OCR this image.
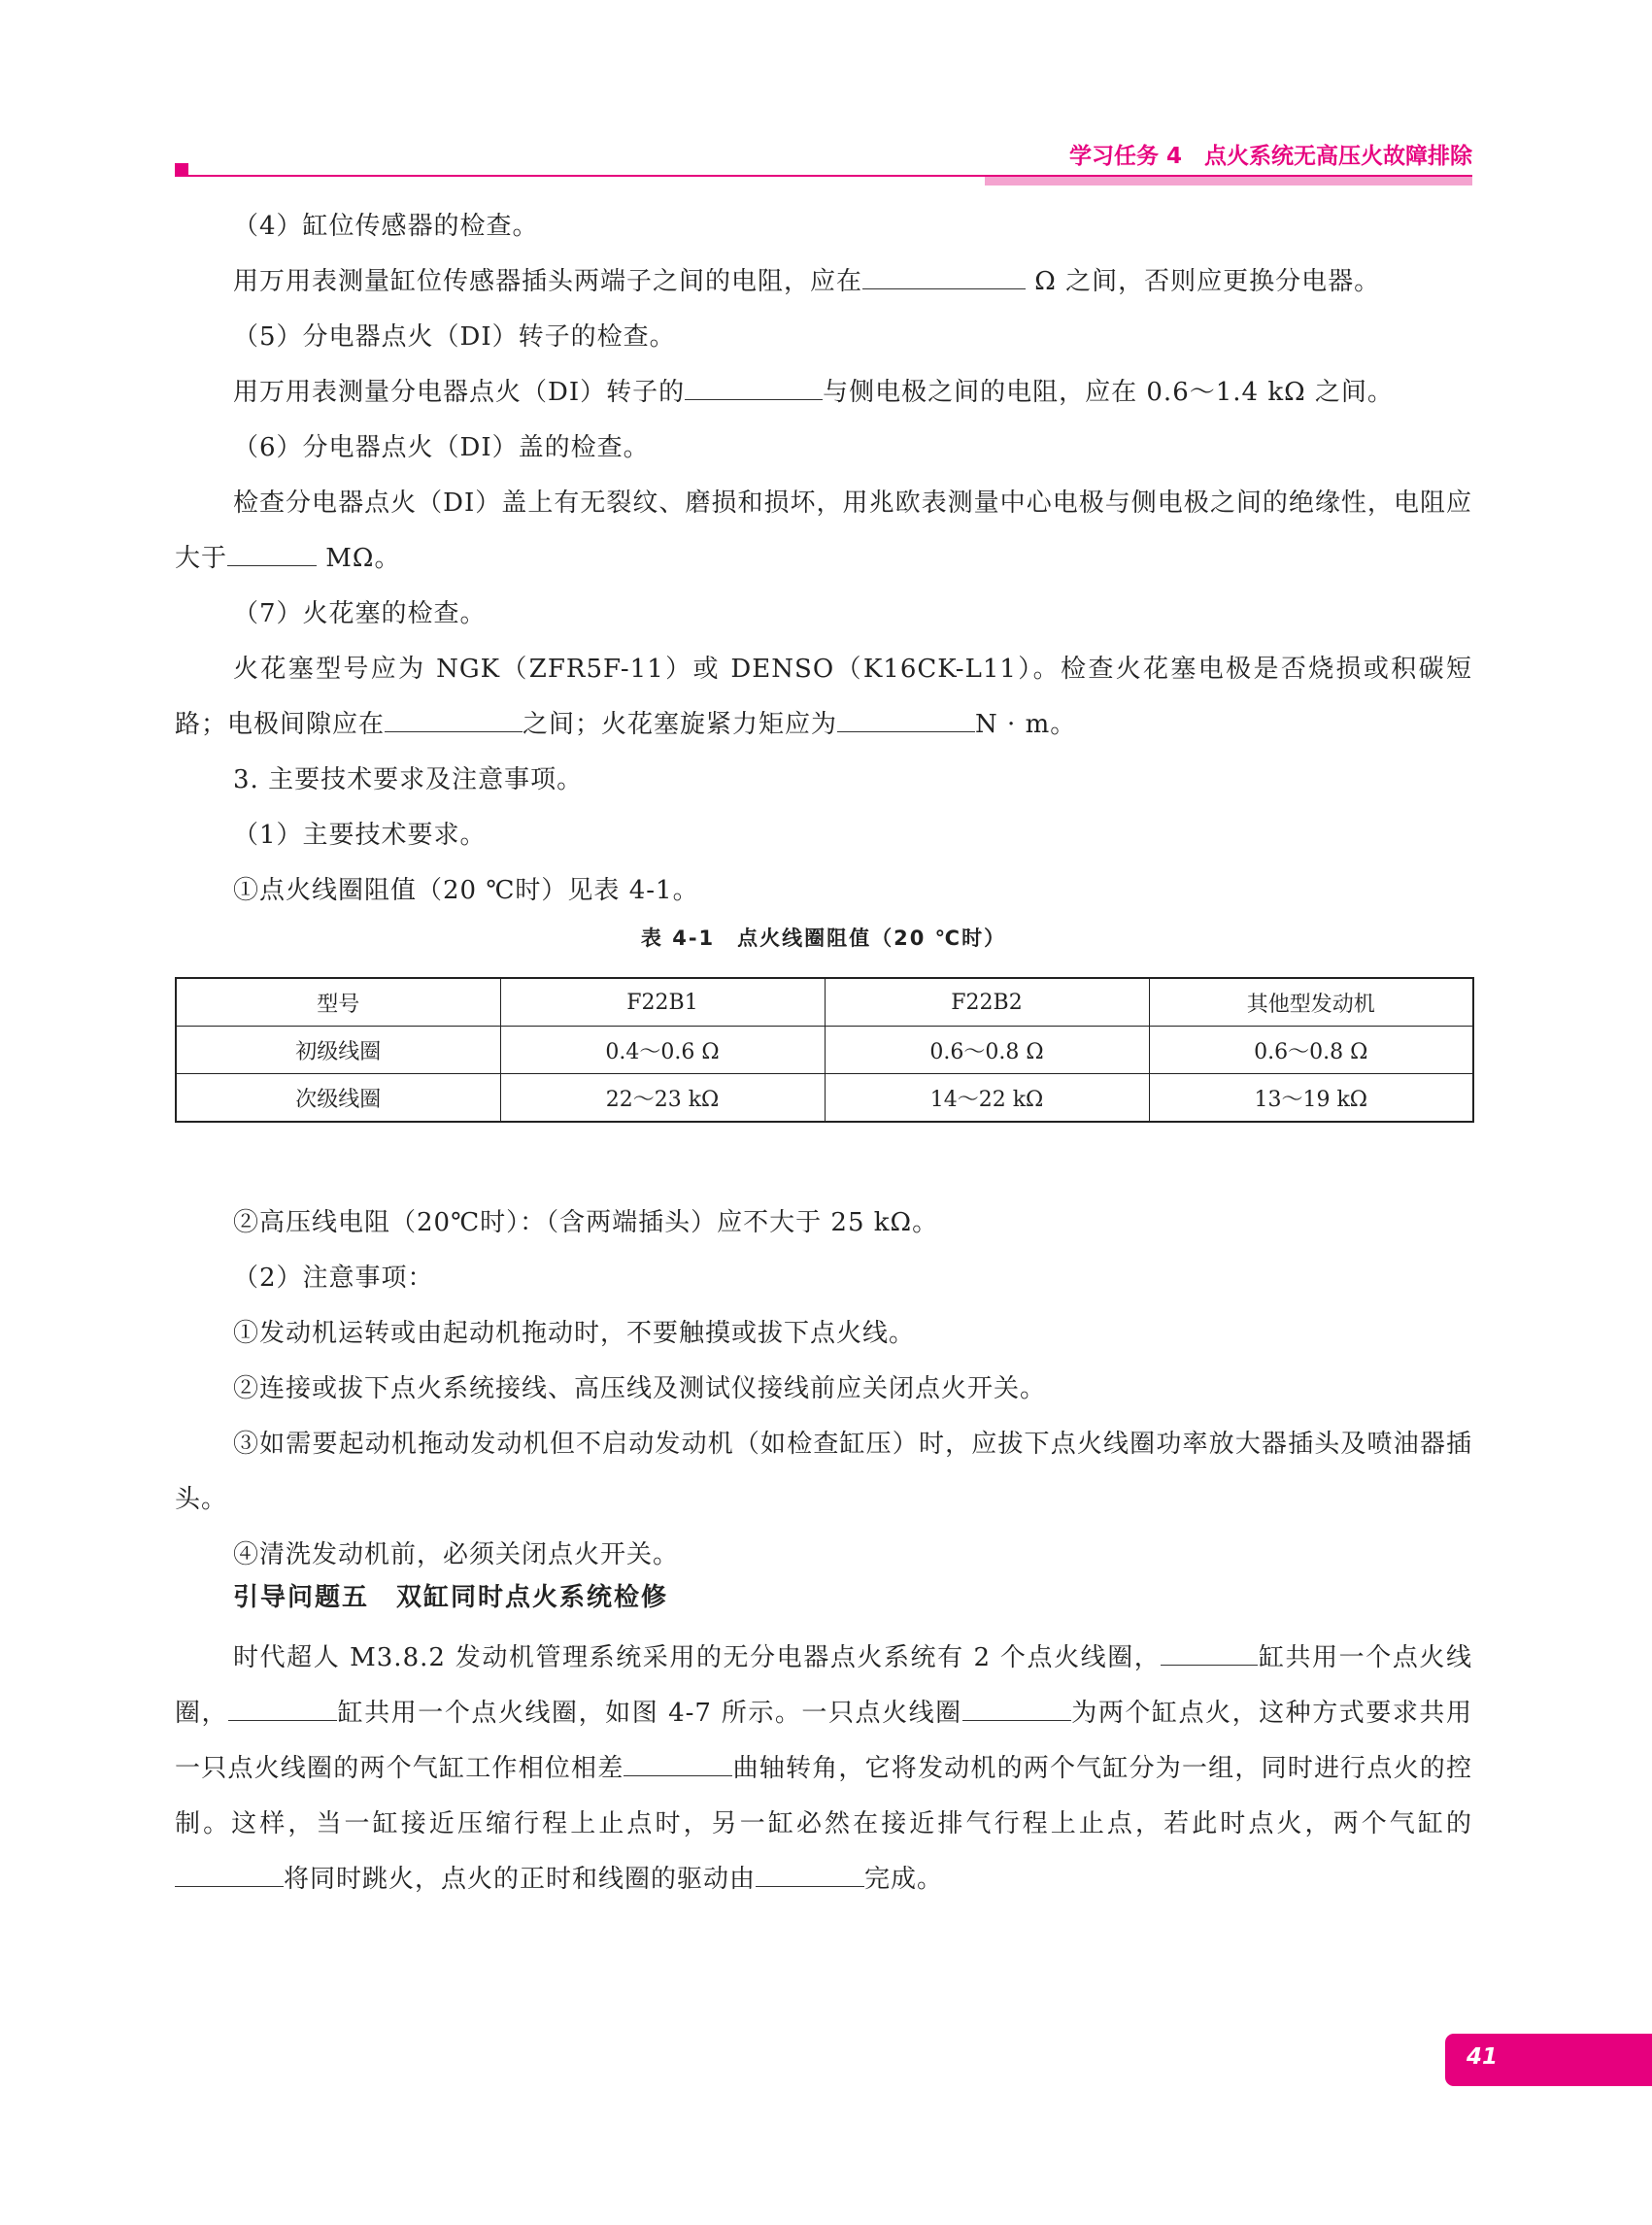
学习任务 4　点火系统无高压火故障排除
（4）缸位传感器的检查。
用万用表测量缸位传感器插头两端子之间的电阻，应在	Ω 之间，否则应更换分电器。
（5）分电器点火（DI）转子的检查。
用万用表测量分电器点火（DI）转子的	与侧电极之间的电阻，应在 0.6～1.4 kΩ 之间。
（6）分电器点火（DI）盖的检查。
检查分电器点火（DI）盖上有无裂纹、磨损和损坏，用兆欧表测量中心电极与侧电极之间的绝缘性，电阻应大于	MΩ。
（7）火花塞的检查。
火花塞型号应为 NGK（ZFR5F-11）或 DENSO（K16CK-L11）。检查火花塞电极是否烧损或积碳短路；电极间隙应在	之间；火花塞旋紧力矩应为	N · m。
3. 主要技术要求及注意事项。
（1）主要技术要求。
①点火线圈阻值（20 ℃时）见表 4-1。
表 4-1　点火线圈阻值（20 ℃时）
型号	F22B1	F22B2	其他型发动机
初级线圈	0.4～0.6 Ω	0.6～0.8 Ω	0.6～0.8 Ω
次级线圈	22～23 kΩ	14～22 kΩ	13～19 kΩ
②高压线电阻（20℃时）：（含两端插头）应不大于 25 kΩ。
（2）注意事项：
①发动机运转或由起动机拖动时，不要触摸或拔下点火线。
②连接或拔下点火系统接线、高压线及测试仪接线前应关闭点火开关。
③如需要起动机拖动发动机但不启动发动机（如检查缸压）时，应拔下点火线圈功率放大器插头及喷油器插头。
④清洗发动机前，必须关闭点火开关。
引导问题五　双缸同时点火系统检修
时代超人 M3.8.2 发动机管理系统采用的无分电器点火系统有 2 个点火线圈，	缸共用一个点火线圈，	缸共用一个点火线圈，如图 4-7 所示。一只点火线圈	为两个缸点火，这种方式要求共用一只点火线圈的两个气缸工作相位相差	曲轴转角，它将发动机的两个气缸分为一组，同时进行点火的控制。这样，当一缸接近压缩行程上止点时，另一缸必然在接近排气行程上止点，若此时点火，两个气缸的将同时跳火，点火的正时和线圈的驱动由	完成。
41
